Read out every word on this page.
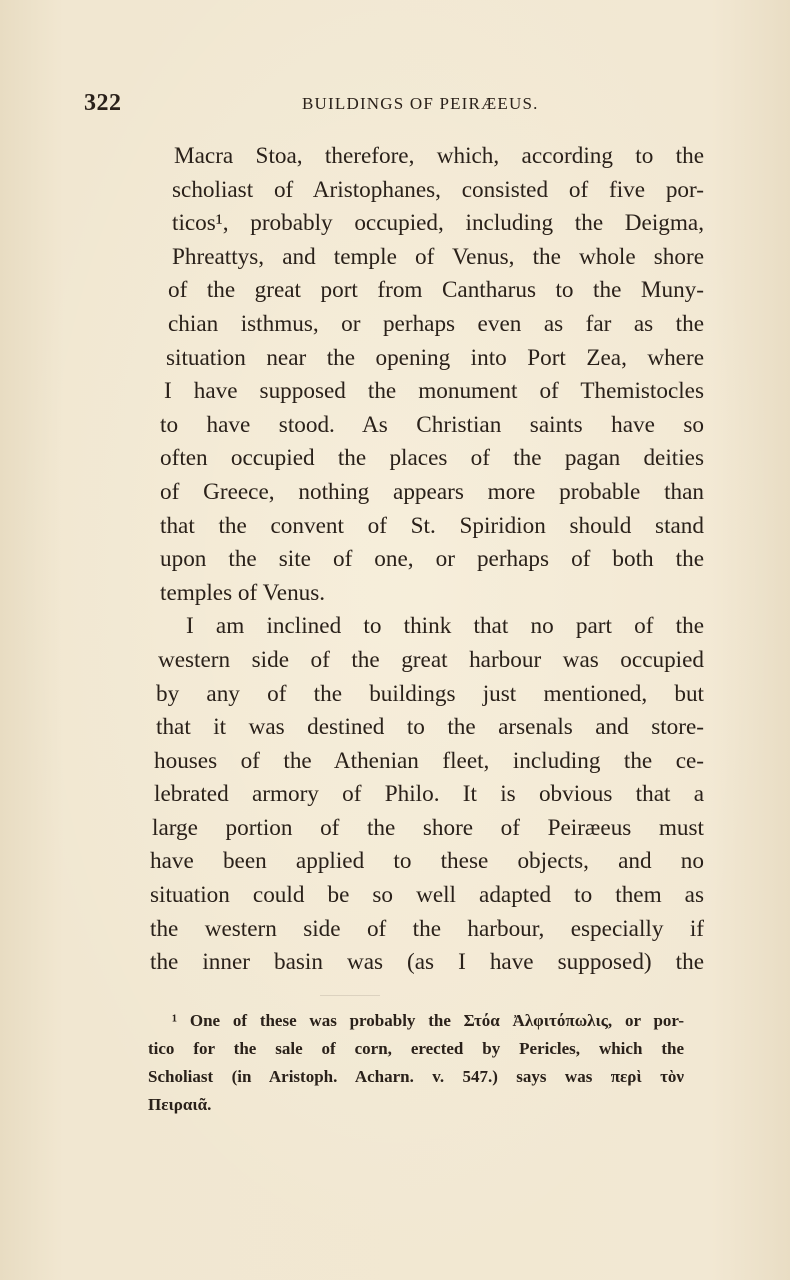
322	BUILDINGS OF PEIRÆEUS.
Macra Stoa, therefore, which, according to the
scholiast of Aristophanes, consisted of five por-
ticos¹, probably occupied, including the Deigma,
Phreattys, and temple of Venus, the whole shore
of the great port from Cantharus to the Muny-
chian isthmus, or perhaps even as far as the
situation near the opening into Port Zea, where
I have supposed the monument of Themistocles
to have stood. As Christian saints have so
often occupied the places of the pagan deities
of Greece, nothing appears more probable than
that the convent of St. Spiridion should stand
upon the site of one, or perhaps of both the
temples of Venus.
I am inclined to think that no part of the
western side of the great harbour was occupied
by any of the buildings just mentioned, but
that it was destined to the arsenals and store-
houses of the Athenian fleet, including the ce-
lebrated armory of Philo. It is obvious that a
large portion of the shore of Peiræeus must
have been applied to these objects, and no
situation could be so well adapted to them as
the western side of the harbour, especially if
the inner basin was (as I have supposed) the
¹ One of these was probably the Στόα Ἀλφιτόπωλις, or por-
tico for the sale of corn, erected by Pericles, which the
Scholiast (in Aristoph. Acharn. v. 547.) says was περὶ τὸν
Πειραιᾶ.
